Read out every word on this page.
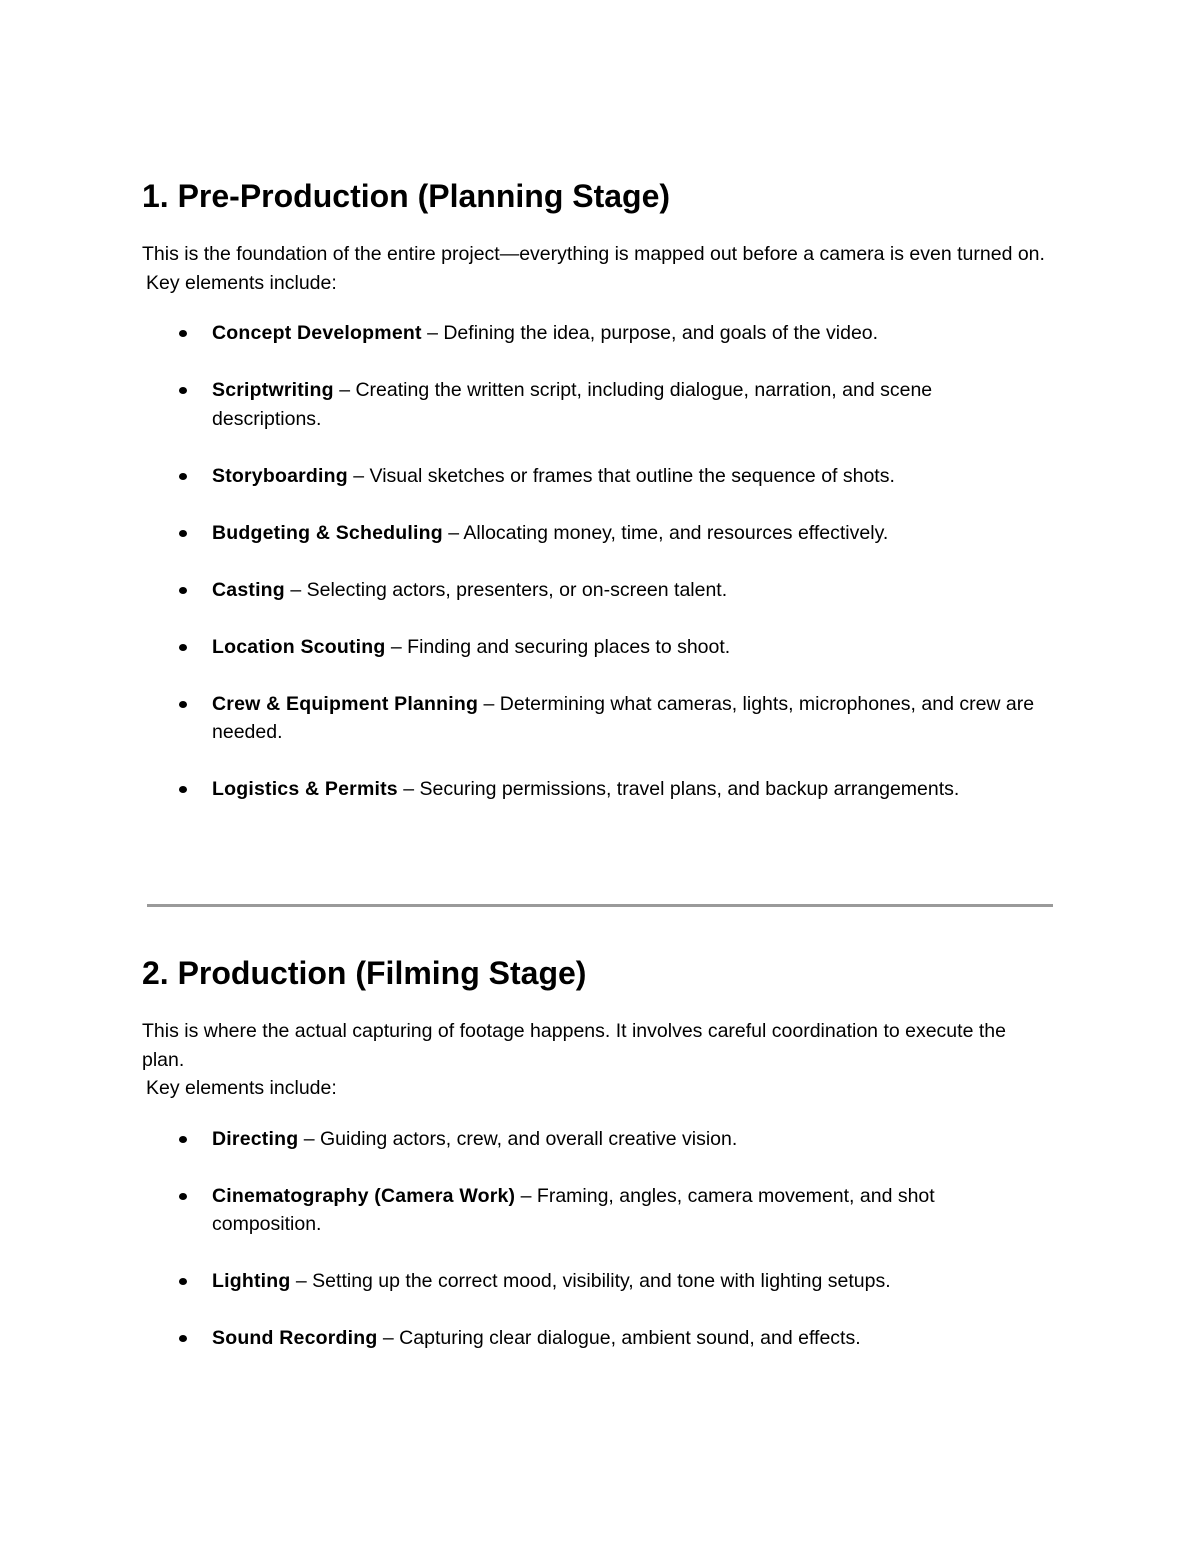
1. Pre-Production (Planning Stage)

This is the foundation of the entire project—everything is mapped out before a camera is even turned on.
Key elements include:

Concept Development – Defining the idea, purpose, and goals of the video.
Scriptwriting – Creating the written script, including dialogue, narration, and scene descriptions.
Storyboarding – Visual sketches or frames that outline the sequence of shots.
Budgeting & Scheduling – Allocating money, time, and resources effectively.
Casting – Selecting actors, presenters, or on-screen talent.
Location Scouting – Finding and securing places to shoot.
Crew & Equipment Planning – Determining what cameras, lights, microphones, and crew are needed.
Logistics & Permits – Securing permissions, travel plans, and backup arrangements.
2. Production (Filming Stage)

This is where the actual capturing of footage happens. It involves careful coordination to execute the plan.
Key elements include:

Directing – Guiding actors, crew, and overall creative vision.
Cinematography (Camera Work) – Framing, angles, camera movement, and shot composition.
Lighting – Setting up the correct mood, visibility, and tone with lighting setups.
Sound Recording – Capturing clear dialogue, ambient sound, and effects.
